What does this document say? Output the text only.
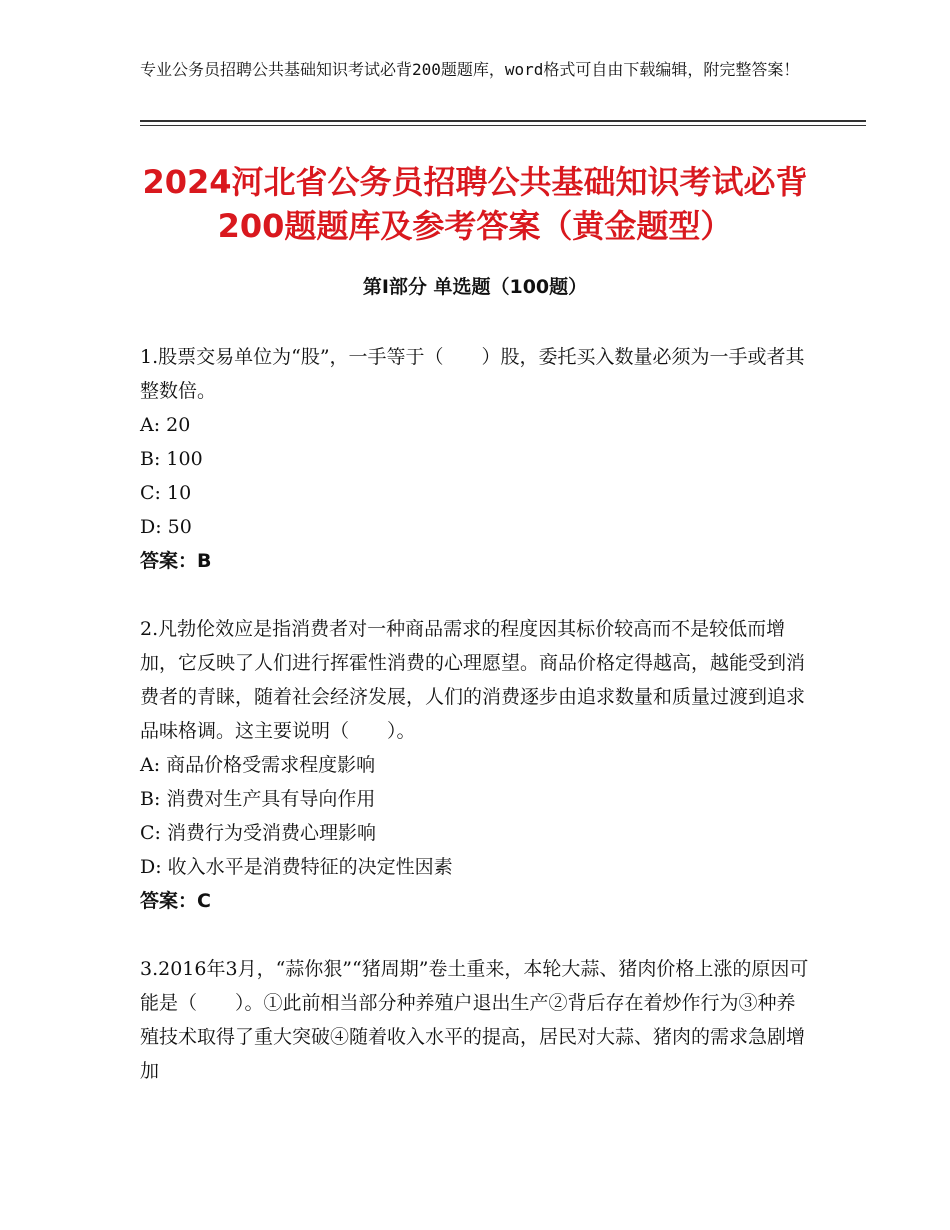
专业公务员招聘公共基础知识考试必背200题题库，word格式可自由下载编辑，附完整答案！
2024河北省公务员招聘公共基础知识考试必背200题题库及参考答案（黄金题型）
第Ⅰ部分 单选题（100题）

1.股票交易单位为“股”，一手等于（　　）股，委托买入数量必须为一手或者其整数倍。

A: 20

B: 100

C: 10

D: 50

答案：B

2.凡勃伦效应是指消费者对一种商品需求的程度因其标价较高而不是较低而增加，它反映了人们进行挥霍性消费的心理愿望。商品价格定得越高，越能受到消费者的青睐，随着社会经济发展，人们的消费逐步由追求数量和质量过渡到追求品味格调。这主要说明（　　）。

A: 商品价格受需求程度影响

B: 消费对生产具有导向作用

C: 消费行为受消费心理影响

D: 收入水平是消费特征的决定性因素

答案：C

3.2016年3月，“蒜你狠”“猪周期”卷土重来，本轮大蒜、猪肉价格上涨的原因可能是（　　）。①此前相当部分种养殖户退出生产②背后存在着炒作行为③种养殖技术取得了重大突破④随着收入水平的提高，居民对大蒜、猪肉的需求急剧增加
